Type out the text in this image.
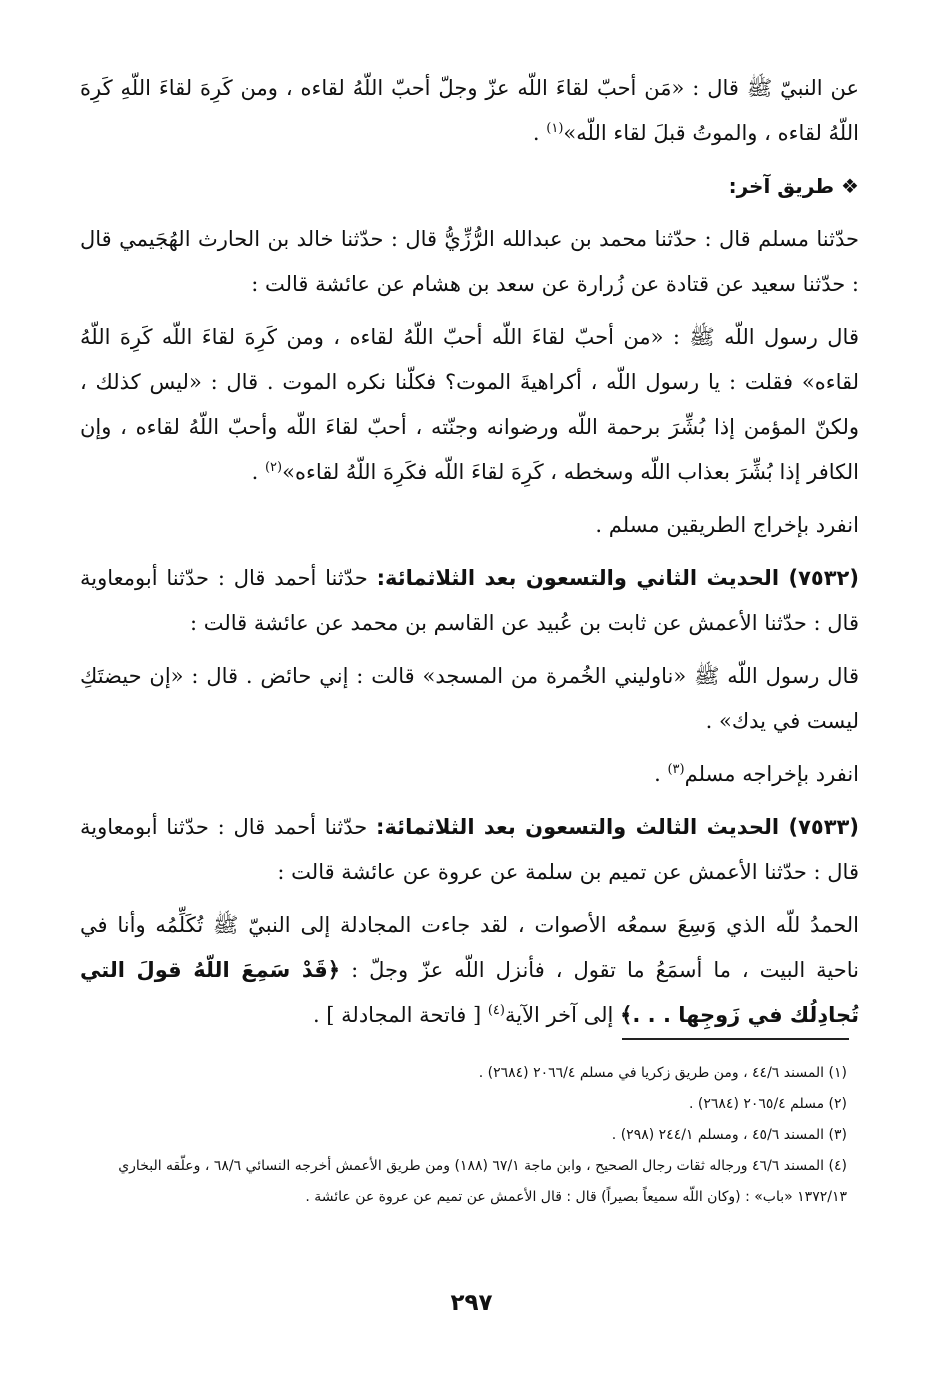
عن النبيّ ﷺ قال : «مَن أحبّ لقاءَ اللّه عزّ وجلّ أحبّ اللّهُ لقاءه ، ومن كَرِهَ لقاءَ اللّهِ كَرِهَ اللّهُ لقاءه ، والموتُ قبلَ لقاء اللّه»$^{(١)}$ .

❖ طريق آخر:

حدّثنا مسلم قال : حدّثنا محمد بن عبدالله الرُّزِّيُّ قال : حدّثنا خالد بن الحارث الهُجَيمي قال : حدّثنا سعيد عن قتادة عن زُرارة عن سعد بن هشام عن عائشة قالت :

قال رسول اللّه ﷺ : «من أحبّ لقاءَ اللّه أحبّ اللّهُ لقاءه ، ومن كَرِهَ لقاءَ اللّه كَرِهَ اللّهُ لقاءه» فقلت : يا رسول اللّه ، أكراهيةَ الموت؟ فكلّنا نكره الموت . قال : «ليس كذلك ، ولكنّ المؤمن إذا بُشِّرَ برحمة اللّه ورضوانه وجنّته ، أحبّ لقاءَ اللّه وأحبّ اللّهُ لقاءه ، وإن الكافر إذا بُشِّرَ بعذاب اللّه وسخطه ، كَرِهَ لقاءَ اللّه فكَرِهَ اللّهُ لقاءه»$^{(٢)}$ .

انفرد بإخراج الطريقين مسلم .

(٧٥٣٢) الحديث الثاني والتسعون بعد الثلاثمائة: حدّثنا أحمد قال : حدّثنا أبومعاوية قال : حدّثنا الأعمش عن ثابت بن عُبيد عن القاسم بن محمد عن عائشة قالت :

قال رسول اللّه ﷺ «ناوليني الخُمرة من المسجد» قالت : إني حائض . قال : «إن حيضتَكِ ليست في يدك» .

انفرد بإخراجه مسلم$^{(٣)}$ .

(٧٥٣٣) الحديث الثالث والتسعون بعد الثلاثمائة: حدّثنا أحمد قال : حدّثنا أبومعاوية قال : حدّثنا الأعمش عن تميم بن سلمة عن عروة عن عائشة قالت :

الحمدُ للّه الذي وَسِعَ سمعُه الأصوات ، لقد جاءت المجادلة إلى النبيّ ﷺ تُكَلِّمُه وأنا في ناحية البيت ، ما أسمَعُ ما تقول ، فأنزل اللّه عزّ وجلّ : ﴿قَدْ سَمِعَ اللّهُ قولَ التي تُجادِلُك في زَوجِها . . .﴾ إلى آخر الآية$^{(٤)}$ [ فاتحة المجادلة ] .

(١) المسند ٤٤/٦ ، ومن طريق زكريا في مسلم ٢٠٦٦/٤ (٢٦٨٤) .

(٢) مسلم ٢٠٦٥/٤ (٢٦٨٤) .

(٣) المسند ٤٥/٦ ، ومسلم ٢٤٤/١ (٢٩٨) .

(٤) المسند ٤٦/٦ ورجاله ثقات رجال الصحيح ، وابن ماجة ٦٧/١ (١٨٨) ومن طريق الأعمش أخرجه النسائي ٦٨/٦ ، وعلّقه البخاري ١٣٧٢/١٣ «باب» : (وكان اللّه سميعاً بصيراً) قال : قال الأعمش عن تميم عن عروة عن عائشة .

٢٩٧
